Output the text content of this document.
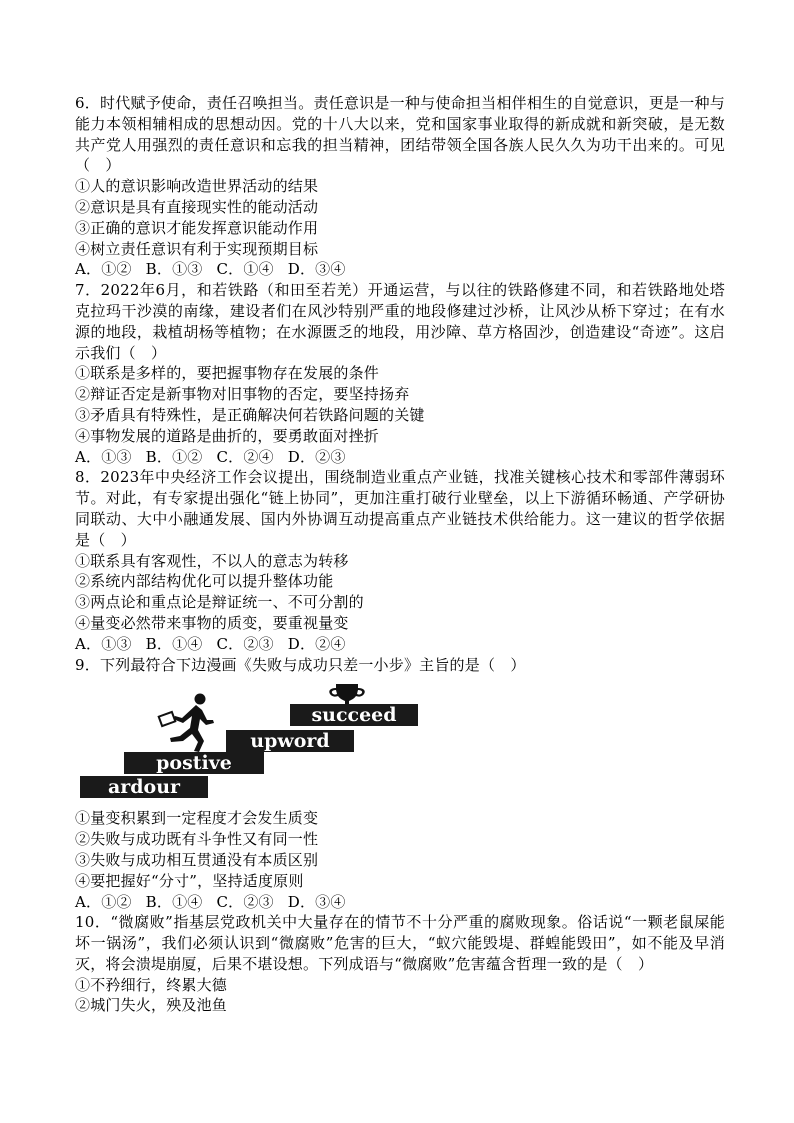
6．时代赋予使命，责任召唤担当。责任意识是一种与使命担当相伴相生的自觉意识，更是一种与能力本领相辅相成的思想动因。党的十八大以来，党和国家事业取得的新成就和新突破，是无数共产党人用强烈的责任意识和忘我的担当精神，团结带领全国各族人民久久为功干出来的。可见（　）
①人的意识影响改造世界活动的结果
②意识是具有直接现实性的能动活动
③正确的意识才能发挥意识能动作用
④树立责任意识有利于实现预期目标
A．①② B．①③ C．①④ D．③④
7．2022年6月，和若铁路（和田至若羌）开通运营，与以往的铁路修建不同，和若铁路地处塔克拉玛干沙漠的南缘，建设者们在风沙特别严重的地段修建过沙桥，让风沙从桥下穿过；在有水源的地段，栽植胡杨等植物；在水源匮乏的地段，用沙障、草方格固沙，创造建设“奇迹”。这启示我们（　）
①联系是多样的，要把握事物存在发展的条件
②辩证否定是新事物对旧事物的否定，要坚持扬弃
③矛盾具有特殊性，是正确解决何若铁路问题的关键
④事物发展的道路是曲折的，要勇敢面对挫折
A．①③ B．①② C．②④ D．②③
8．2023年中央经济工作会议提出，围绕制造业重点产业链，找准关键核心技术和零部件薄弱环节。对此，有专家提出强化“链上协同”，更加注重打破行业壁垒，以上下游循环畅通、产学研协同联动、大中小融通发展、国内外协调互动提高重点产业链技术供给能力。这一建议的哲学依据是（　）
①联系具有客观性，不以人的意志为转移
②系统内部结构优化可以提升整体功能
③两点论和重点论是辩证统一、不可分割的
④量变必然带来事物的质变，要重视量变
A．①③ B．①④ C．②③ D．②④
9．下列最符合下边漫画《失败与成功只差一小步》主旨的是（　）
ardour
postive
upword
succeed
①量变积累到一定程度才会发生质变
②失败与成功既有斗争性又有同一性
③失败与成功相互贯通没有本质区别
④要把握好“分寸”，坚持适度原则
A．①② B．①④ C．②③ D．③④
10．“微腐败”指基层党政机关中大量存在的情节不十分严重的腐败现象。俗话说“一颗老鼠屎能坏一锅汤”，我们必须认识到“微腐败”危害的巨大，“蚁穴能毁堤、群蝗能毁田”，如不能及早消灭，将会溃堤崩厦，后果不堪设想。下列成语与“微腐败”危害蕴含哲理一致的是（　）
①不矜细行，终累大德
②城门失火，殃及池鱼
